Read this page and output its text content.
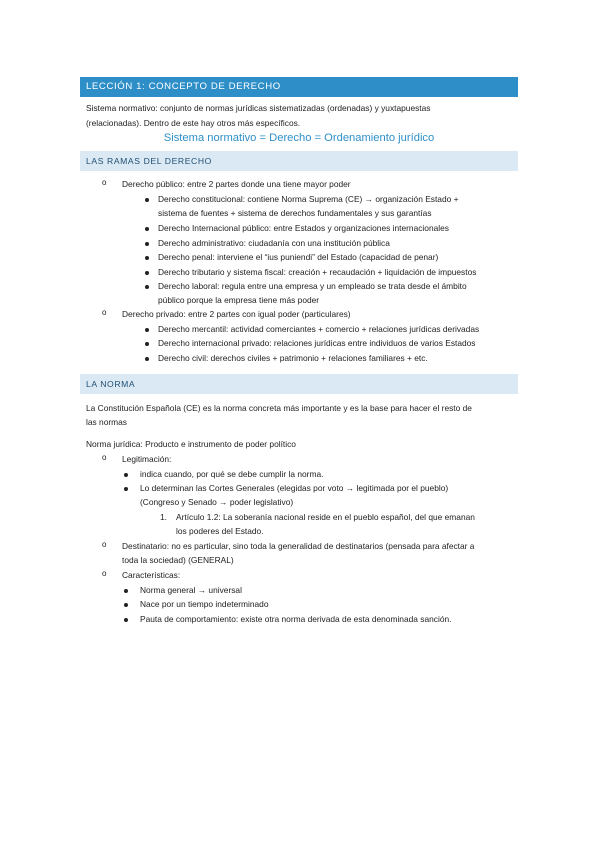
LECCIÓN 1: CONCEPTO DE DERECHO
Sistema normativo: conjunto de normas jurídicas sistematizadas (ordenadas) y yuxtapuestas
(relacionadas). Dentro de este hay otros más específicos.
Sistema normativo = Derecho = Ordenamiento jurídico
LAS RAMAS DEL DERECHO
o Derecho público: entre 2 partes donde una tiene mayor poder
Derecho constitucional: contiene Norma Suprema (CE) → organización Estado +
sistema de fuentes + sistema de derechos fundamentales y sus garantías
Derecho Internacional público: entre Estados y organizaciones internacionales
Derecho administrativo: ciudadanía con una institución pública
Derecho penal: interviene el “ius puniendi” del Estado (capacidad de penar)
Derecho tributario y sistema fiscal: creación + recaudación + liquidación de impuestos
Derecho laboral: regula entre una empresa y un empleado se trata desde el ámbito
público porque la empresa tiene más poder
o Derecho privado: entre 2 partes con igual poder (particulares)
Derecho mercantil: actividad comerciantes + comercio + relaciones jurídicas derivadas
Derecho internacional privado: relaciones jurídicas entre individuos de varios Estados
Derecho civil: derechos civiles + patrimonio + relaciones familiares + etc.
LA NORMA
La Constitución Española (CE) es la norma concreta más importante y es la base para hacer el resto de
las normas
Norma jurídica: Producto e instrumento de poder político
o Legitimación:
indica cuando, por qué se debe cumplir la norma.
Lo determinan las Cortes Generales (elegidas por voto → legitimada por el pueblo)
(Congreso y Senado → poder legislativo)
1. Artículo 1.2: La soberanía nacional reside en el pueblo español, del que emanan
los poderes del Estado.
o Destinatario: no es particular, sino toda la generalidad de destinatarios (pensada para afectar a
toda la sociedad) (GENERAL)
o Características:
Norma general → universal
Nace por un tiempo indeterminado
Pauta de comportamiento: existe otra norma derivada de esta denominada sanción.
